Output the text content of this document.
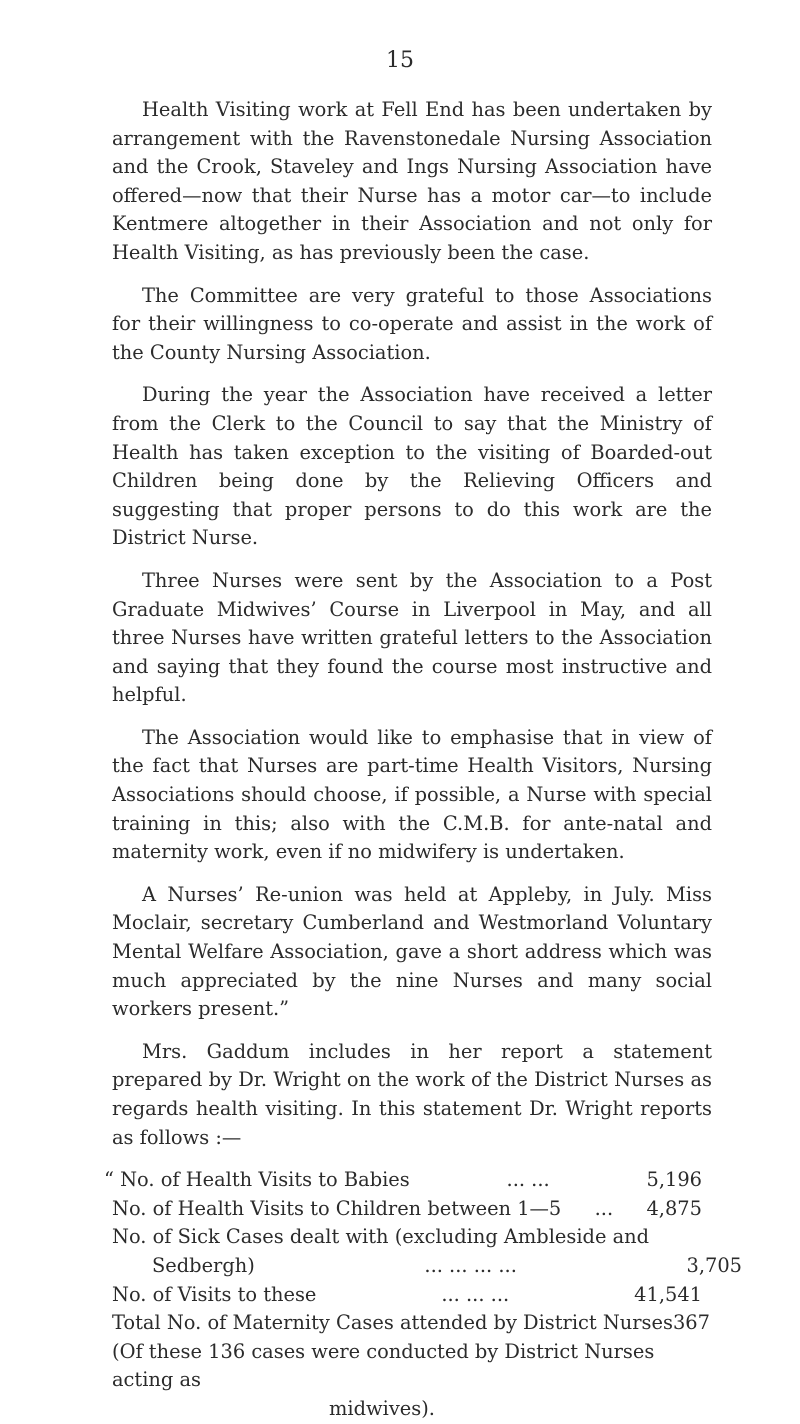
15

Health Visiting work at Fell End has been undertaken by arrangement with the Ravenstonedale Nursing Association and the Crook, Staveley and Ings Nursing Association have offered—now that their Nurse has a motor car—to include Kentmere altogether in their Association and not only for Health Visiting, as has previously been the case.

The Committee are very grateful to those Associations for their willingness to co-operate and assist in the work of the County Nursing Association.

During the year the Association have received a letter from the Clerk to the Council to say that the Ministry of Health has taken exception to the visiting of Boarded-out Children being done by the Relieving Officers and suggesting that proper persons to do this work are the District Nurse.

Three Nurses were sent by the Association to a Post Graduate Midwives’ Course in Liverpool in May, and all three Nurses have written grateful letters to the Association and saying that they found the course most instructive and helpful.

The Association would like to emphasise that in view of the fact that Nurses are part-time Health Visitors, Nursing Associations should choose, if possible, a Nurse with special training in this; also with the C.M.B. for ante-natal and maternity work, even if no midwifery is undertaken.

A Nurses’ Re-union was held at Appleby, in July. Miss Moclair, secretary Cumberland and Westmorland Voluntary Mental Welfare Association, gave a short address which was much appreciated by the nine Nurses and many social workers present.”

Mrs. Gaddum includes in her report a statement prepared by Dr. Wright on the work of the District Nurses as regards health visiting. In this statement Dr. Wright reports as follows :—

“ No. of Health Visits to Babies	... ...	5,196
No. of Health Visits to Children between 1—5 ... 4,875
No. of Sick Cases dealt with (excluding Ambleside and
Sedbergh)	... ... ... ...	3,705
No. of Visits to these	... ... ...	41,541
Total No. of Maternity Cases attended by District Nurses 367
(Of these 136 cases were conducted by District Nurses acting as
midwives).
